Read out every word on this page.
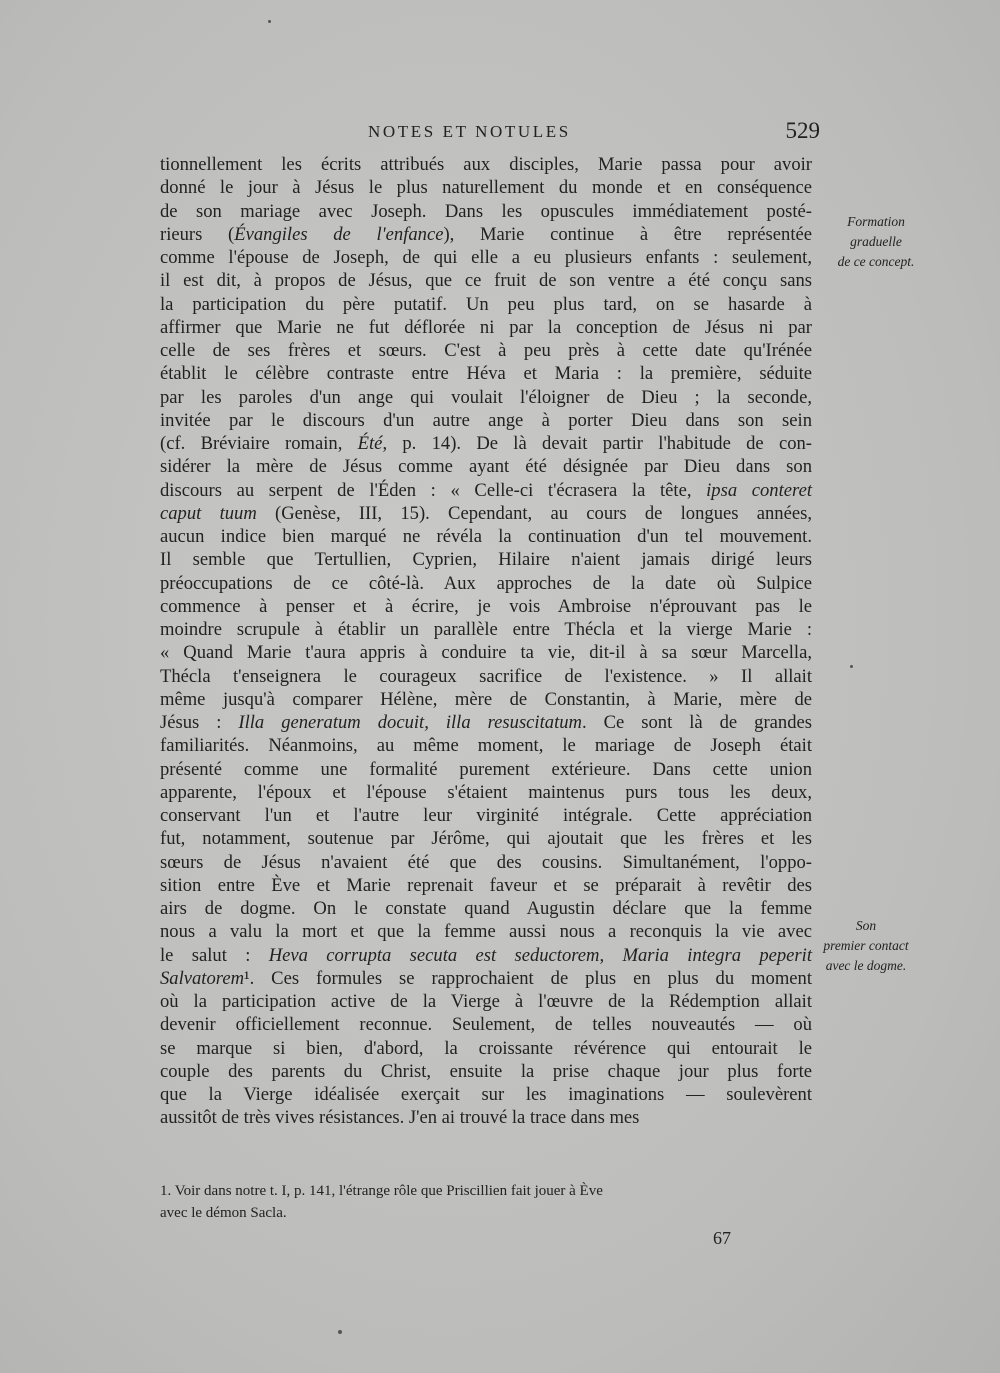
NOTES ET NOTULES	529
tionnellement les écrits attribués aux disciples, Marie passa pour avoir
donné le jour à Jésus le plus naturellement du monde et en conséquence
de son mariage avec Joseph. Dans les opuscules immédiatement posté-
rieurs (Évangiles de l'enfance), Marie continue à être représentée
comme l'épouse de Joseph, de qui elle a eu plusieurs enfants : seulement,
il est dit, à propos de Jésus, que ce fruit de son ventre a été conçu sans
la participation du père putatif. Un peu plus tard, on se hasarde à
affirmer que Marie ne fut déflorée ni par la conception de Jésus ni par
celle de ses frères et sœurs. C'est à peu près à cette date qu'Irénée
établit le célèbre contraste entre Héva et Maria : la première, séduite
par les paroles d'un ange qui voulait l'éloigner de Dieu ; la seconde,
invitée par le discours d'un autre ange à porter Dieu dans son sein
(cf. Bréviaire romain, Été, p. 14). De là devait partir l'habitude de con-
sidérer la mère de Jésus comme ayant été désignée par Dieu dans son
discours au serpent de l'Éden : « Celle-ci t'écrasera la tête, ipsa conteret
caput tuum (Genèse, III, 15). Cependant, au cours de longues années,
aucun indice bien marqué ne révéla la continuation d'un tel mouvement.
Il semble que Tertullien, Cyprien, Hilaire n'aient jamais dirigé leurs
préoccupations de ce côté-là. Aux approches de la date où Sulpice
commence à penser et à écrire, je vois Ambroise n'éprouvant pas le
moindre scrupule à établir un parallèle entre Thécla et la vierge Marie :
« Quand Marie t'aura appris à conduire ta vie, dit-il à sa sœur Marcella,
Thécla t'enseignera le courageux sacrifice de l'existence. » Il allait
même jusqu'à comparer Hélène, mère de Constantin, à Marie, mère de
Jésus : Illa generatum docuit, illa resuscitatum. Ce sont là de grandes
familiarités. Néanmoins, au même moment, le mariage de Joseph était
présenté comme une formalité purement extérieure. Dans cette union
apparente, l'époux et l'épouse s'étaient maintenus purs tous les deux,
conservant l'un et l'autre leur virginité intégrale. Cette appréciation
fut, notamment, soutenue par Jérôme, qui ajoutait que les frères et les
sœurs de Jésus n'avaient été que des cousins. Simultanément, l'oppo-
sition entre Ève et Marie reprenait faveur et se préparait à revêtir des
airs de dogme. On le constate quand Augustin déclare que la femme
nous a valu la mort et que la femme aussi nous a reconquis la vie avec
le salut : Heva corrupta secuta est seductorem, Maria integra peperit
Salvatorem¹. Ces formules se rapprochaient de plus en plus du moment
où la participation active de la Vierge à l'œuvre de la Rédemption allait
devenir officiellement reconnue. Seulement, de telles nouveautés — où
se marque si bien, d'abord, la croissante révérence qui entourait le
couple des parents du Christ, ensuite la prise chaque jour plus forte
que la Vierge idéalisée exerçait sur les imaginations — soulevèrent
aussitôt de très vives résistances. J'en ai trouvé la trace dans mes
Formation
graduelle
de ce concept.
Son
premier contact
avec le dogme.
1. Voir dans notre t. I, p. 141, l'étrange rôle que Priscillien fait jouer à Ève
avec le démon Sacla.
67
